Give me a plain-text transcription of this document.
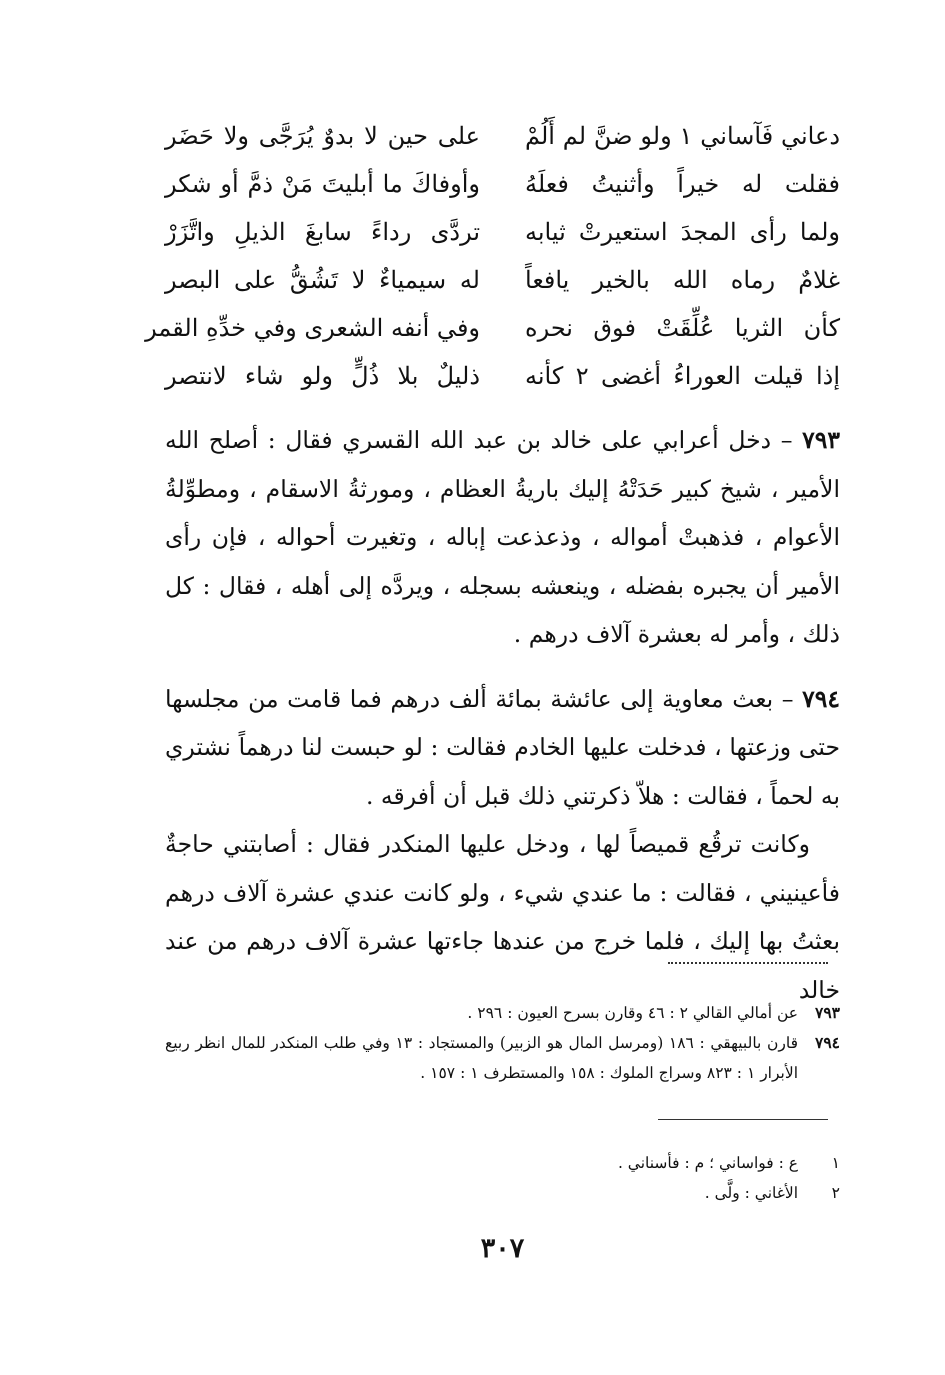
دعاني فَآساني ١ ولو ضنَّ لم أَلُمْ
على حين لا بدوٌ يُرَجَّى ولا حَضَر
فقلت له خيراً وأثنيتُ فعلَهُ
وأوفاكَ ما أبليتَ مَنْ ذمَّ أو شكر
ولما رأى المجدَ استعيرتْ ثيابه
تردَّى رداءً سابغَ الذيلِ واتَّزَرْ
غلامٌ رماه الله بالخير يافعاً
له سيمياءٌ لا تَشُقُّ على البصر
كأن الثريا عُلِّقَتْ فوق نحره
وفي أنفه الشعرى وفي خدِّهِ القمر
إذا قيلت العوراءُ أغضى ٢ كأنه
ذليلٌ بلا ذُلٍّ ولو شاء لانتصر

٧٩٣ – دخل أعرابي على خالد بن عبد الله القسري فقال : أصلح الله الأمير ، شيخ كبير حَدَتْهُ إليك باريةُ العظام ، ومورثةُ الاسقام ، ومطوِّلةُ الأعوام ، فذهبتْ أمواله ، وذعذعت إباله ، وتغيرت أحواله ، فإن رأى الأمير أن يجبره بفضله ، وينعشه بسجله ، ويردَّه إلى أهله ، فقال : كل ذلك ، وأمر له بعشرة آلاف درهم .

٧٩٤ – بعث معاوية إلى عائشة بمائة ألف درهم فما قامت من مجلسها حتى وزعتها ، فدخلت عليها الخادم فقالت : لو حبست لنا درهماً نشتري به لحماً ، فقالت : هلاّ ذكرتني ذلك قبل أن أفرقه .

وكانت ترقُع قميصاً لها ، ودخل عليها المنكدر فقال : أصابتني حاجةٌ فأعينيني ، فقالت : ما عندي شيء ، ولو كانت عندي عشرة آلاف درهم بعثتُ بها إليك ، فلما خرج من عندها جاءتها عشرة آلاف درهم من عند خالد

٧٩٣
عن أمالي القالي ٢ : ٤٦ وقارن بسرح العيون : ٢٩٦ .
٧٩٤
قارن بالبيهقي : ١٨٦ (ومرسل المال هو الزبير) والمستجاد : ١٣ وفي طلب المنكدر للمال انظر ربيع الأبرار ١ : ٨٢٣ وسراج الملوك : ١٥٨ والمستطرف ١ : ١٥٧ .
١
ع : فواساني ؛ م : فأسناني .
٢
الأغاني : ولَّى .
٣٠٧
